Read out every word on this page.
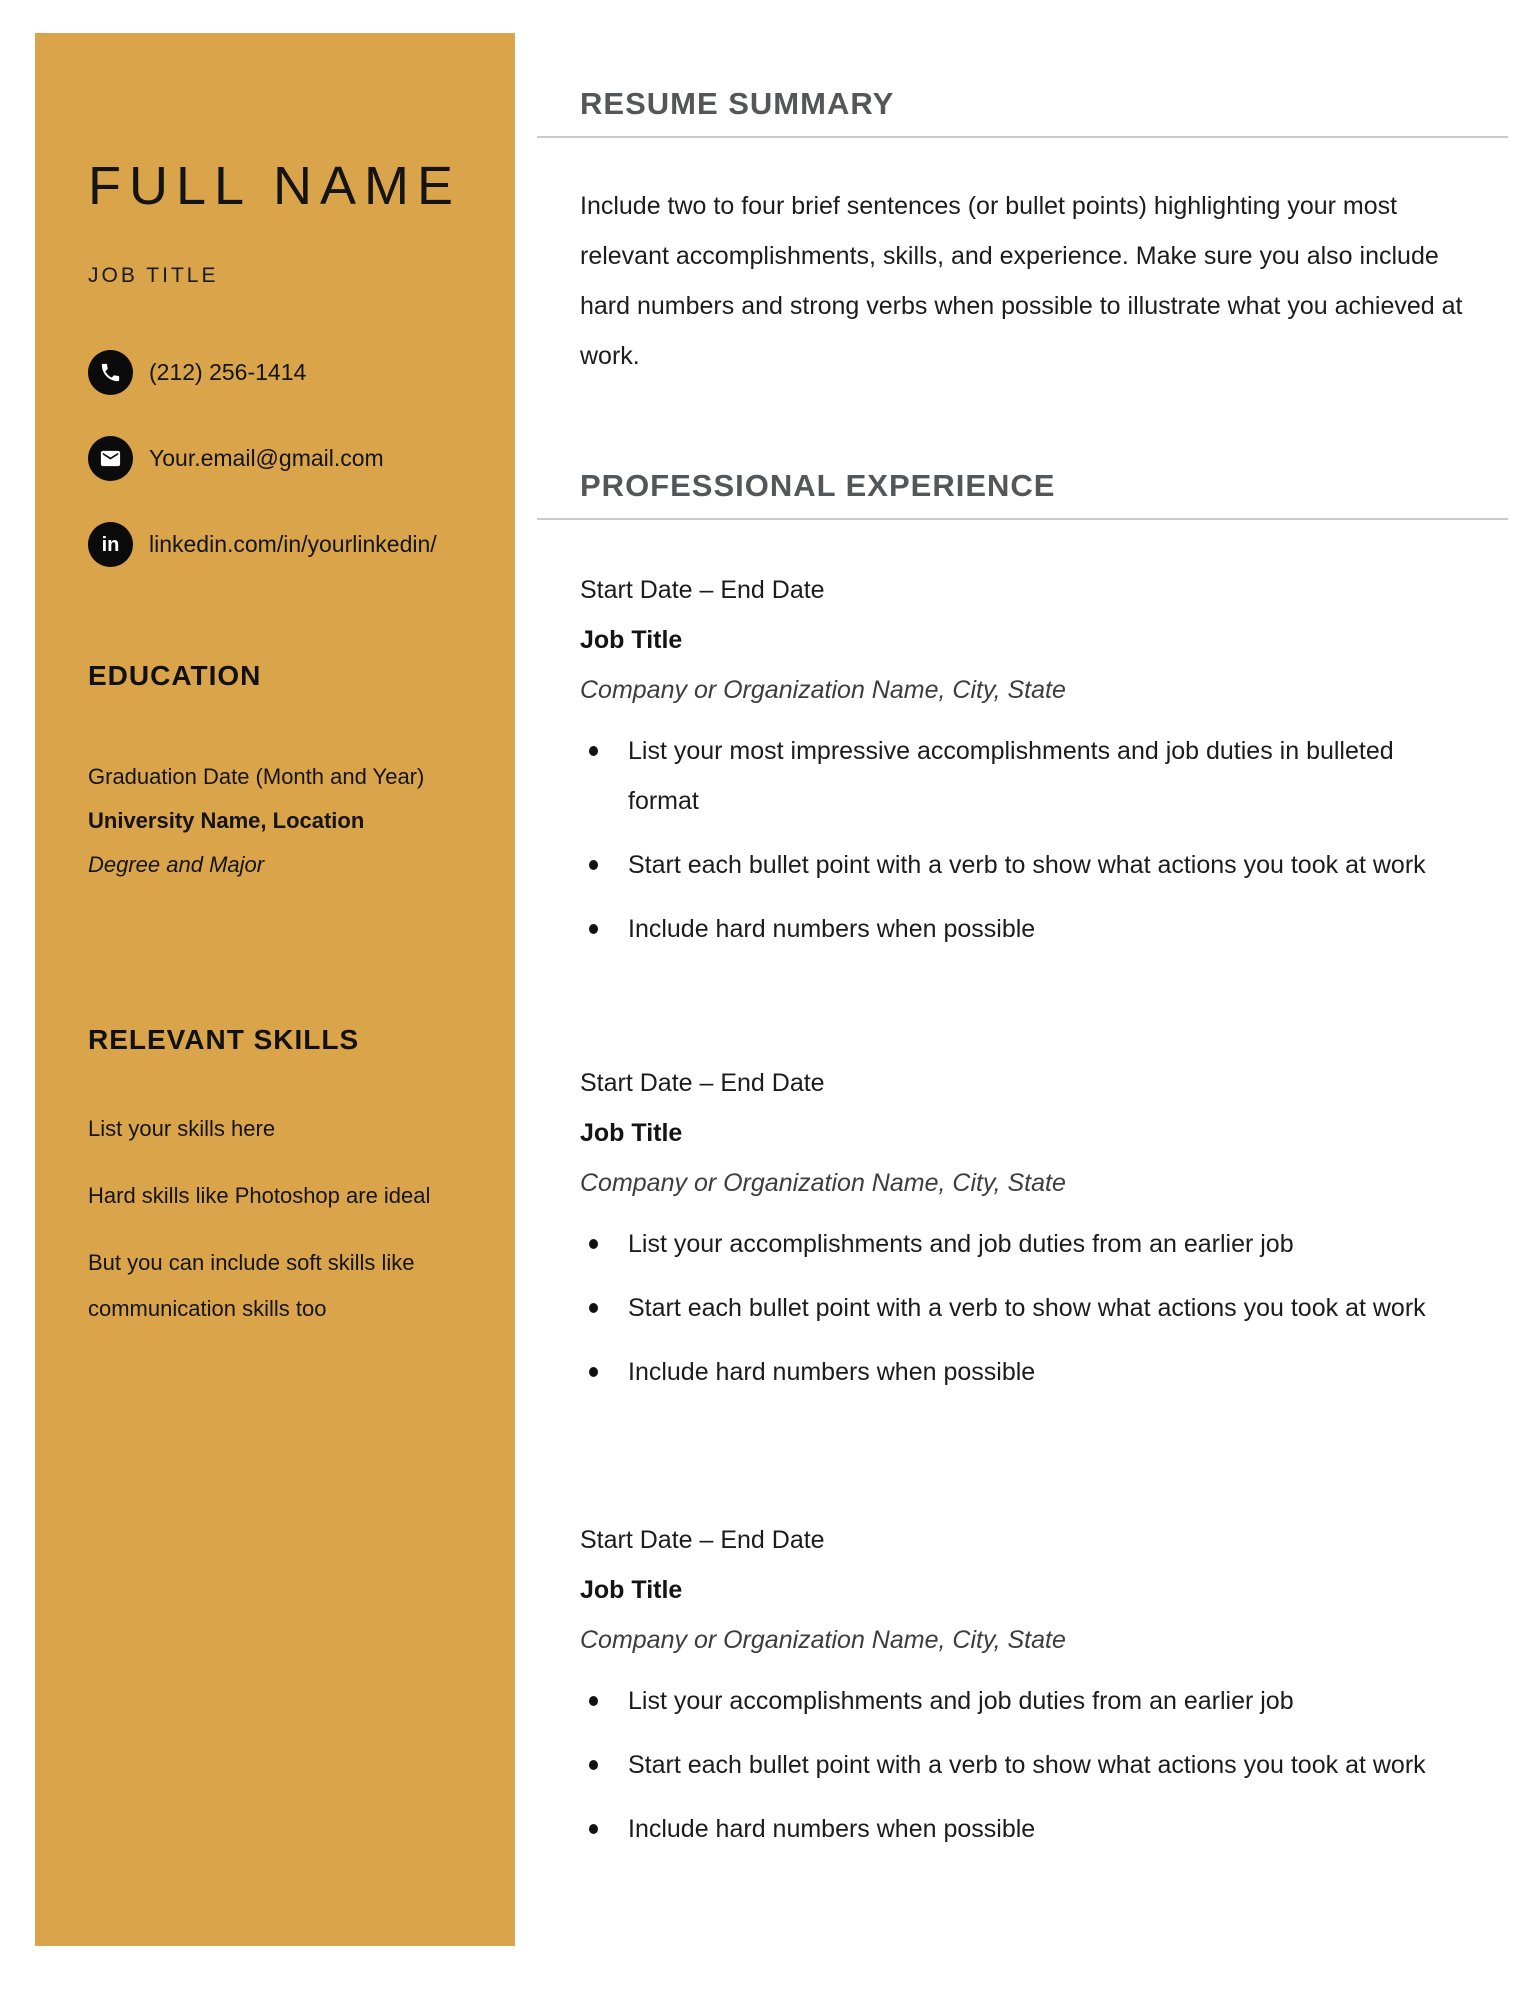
FULL NAME
JOB TITLE
(212) 256-1414
Your.email@gmail.com
in linkedin.com/in/yourlinkedin/
EDUCATION
Graduation Date (Month and Year)
University Name, Location
Degree and Major
RELEVANT SKILLS

List your skills here

Hard skills like Photoshop are ideal

But you can include soft skills like communication skills too

RESUME SUMMARY

Include two to four brief sentences (or bullet points) highlighting your most relevant accomplishments, skills, and experience. Make sure you also include hard numbers and strong verbs when possible to illustrate what you achieved at work.

PROFESSIONAL EXPERIENCE
Start Date – End Date
Job Title
Company or Organization Name, City, State
List your most impressive accomplishments and job duties in bulleted format
Start each bullet point with a verb to show what actions you took at work
Include hard numbers when possible
Start Date – End Date
Job Title
Company or Organization Name, City, State
List your accomplishments and job duties from an earlier job
Start each bullet point with a verb to show what actions you took at work
Include hard numbers when possible
Start Date – End Date
Job Title
Company or Organization Name, City, State
List your accomplishments and job duties from an earlier job
Start each bullet point with a verb to show what actions you took at work
Include hard numbers when possible
